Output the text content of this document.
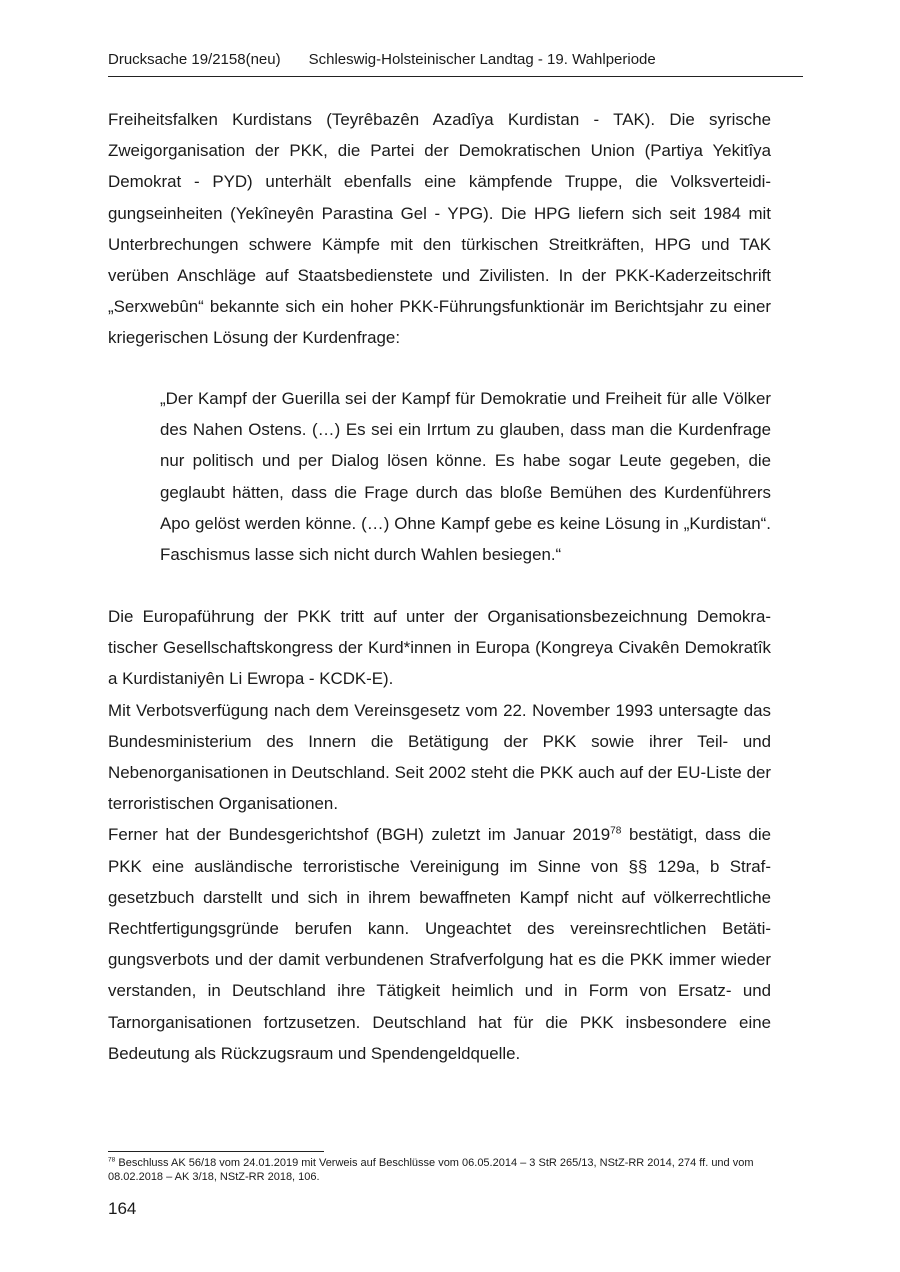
Drucksache 19/2158(neu) Schleswig-Holsteinischer Landtag - 19. Wahlperiode

Freiheitsfalken Kurdistans (Teyrêbazên Azadîya Kurdistan - TAK). Die syrische Zweigorganisation der PKK, die Partei der Demokratischen Union (Partiya Yekitîya Demokrat - PYD) unterhält ebenfalls eine kämpfende Truppe, die Volksverteidigungseinheiten (Yekîneyên Parastina Gel - YPG). Die HPG liefern sich seit 1984 mit Unterbrechungen schwere Kämpfe mit den türkischen Streitkräften, HPG und TAK verüben Anschläge auf Staatsbedienstete und Zivilisten. In der PKK-Kaderzeitschrift „Serxwebûn“ bekannte sich ein hoher PKK-Führungsfunktionär im Berichtsjahr zu einer kriegerischen Lösung der Kurdenfrage:

„Der Kampf der Guerilla sei der Kampf für Demokratie und Freiheit für alle Völker des Nahen Ostens. (…) Es sei ein Irrtum zu glauben, dass man die Kurdenfrage nur politisch und per Dialog lösen könne. Es habe sogar Leute gegeben, die geglaubt hätten, dass die Frage durch das bloße Bemühen des Kurdenführers Apo gelöst werden könne. (…) Ohne Kampf gebe es keine Lösung in „Kurdistan“. Faschismus lasse sich nicht durch Wahlen besiegen.“

Die Europaführung der PKK tritt auf unter der Organisationsbezeichnung Demokratischer Gesellschaftskongress der Kurd*innen in Europa (Kongreya Civakên Demokratîk a Kurdistaniyên Li Ewropa - KCDK-E).

Mit Verbotsverfügung nach dem Vereinsgesetz vom 22. November 1993 untersagte das Bundesministerium des Innern die Betätigung der PKK sowie ihrer Teil- und Nebenorganisationen in Deutschland. Seit 2002 steht die PKK auch auf der EU-Liste der terroristischen Organisationen.

Ferner hat der Bundesgerichtshof (BGH) zuletzt im Januar 2019$^{78}$ bestätigt, dass die PKK eine ausländische terroristische Vereinigung im Sinne von §§ 129a, b Strafgesetzbuch darstellt und sich in ihrem bewaffneten Kampf nicht auf völkerrechtliche Rechtfertigungsgründe berufen kann. Ungeachtet des vereinsrechtlichen Betätigungsverbots und der damit verbundenen Strafverfolgung hat es die PKK immer wieder verstanden, in Deutschland ihre Tätigkeit heimlich und in Form von Ersatz- und Tarnorganisationen fortzusetzen. Deutschland hat für die PKK insbesondere eine Bedeutung als Rückzugsraum und Spendengeldquelle.

$^{78}$ Beschluss AK 56/18 vom 24.01.2019 mit Verweis auf Beschlüsse vom 06.05.2014 – 3 StR 265/13, NStZ-RR 2014, 274 ff. und vom 08.02.2018 – AK 3/18, NStZ-RR 2018, 106.
164
